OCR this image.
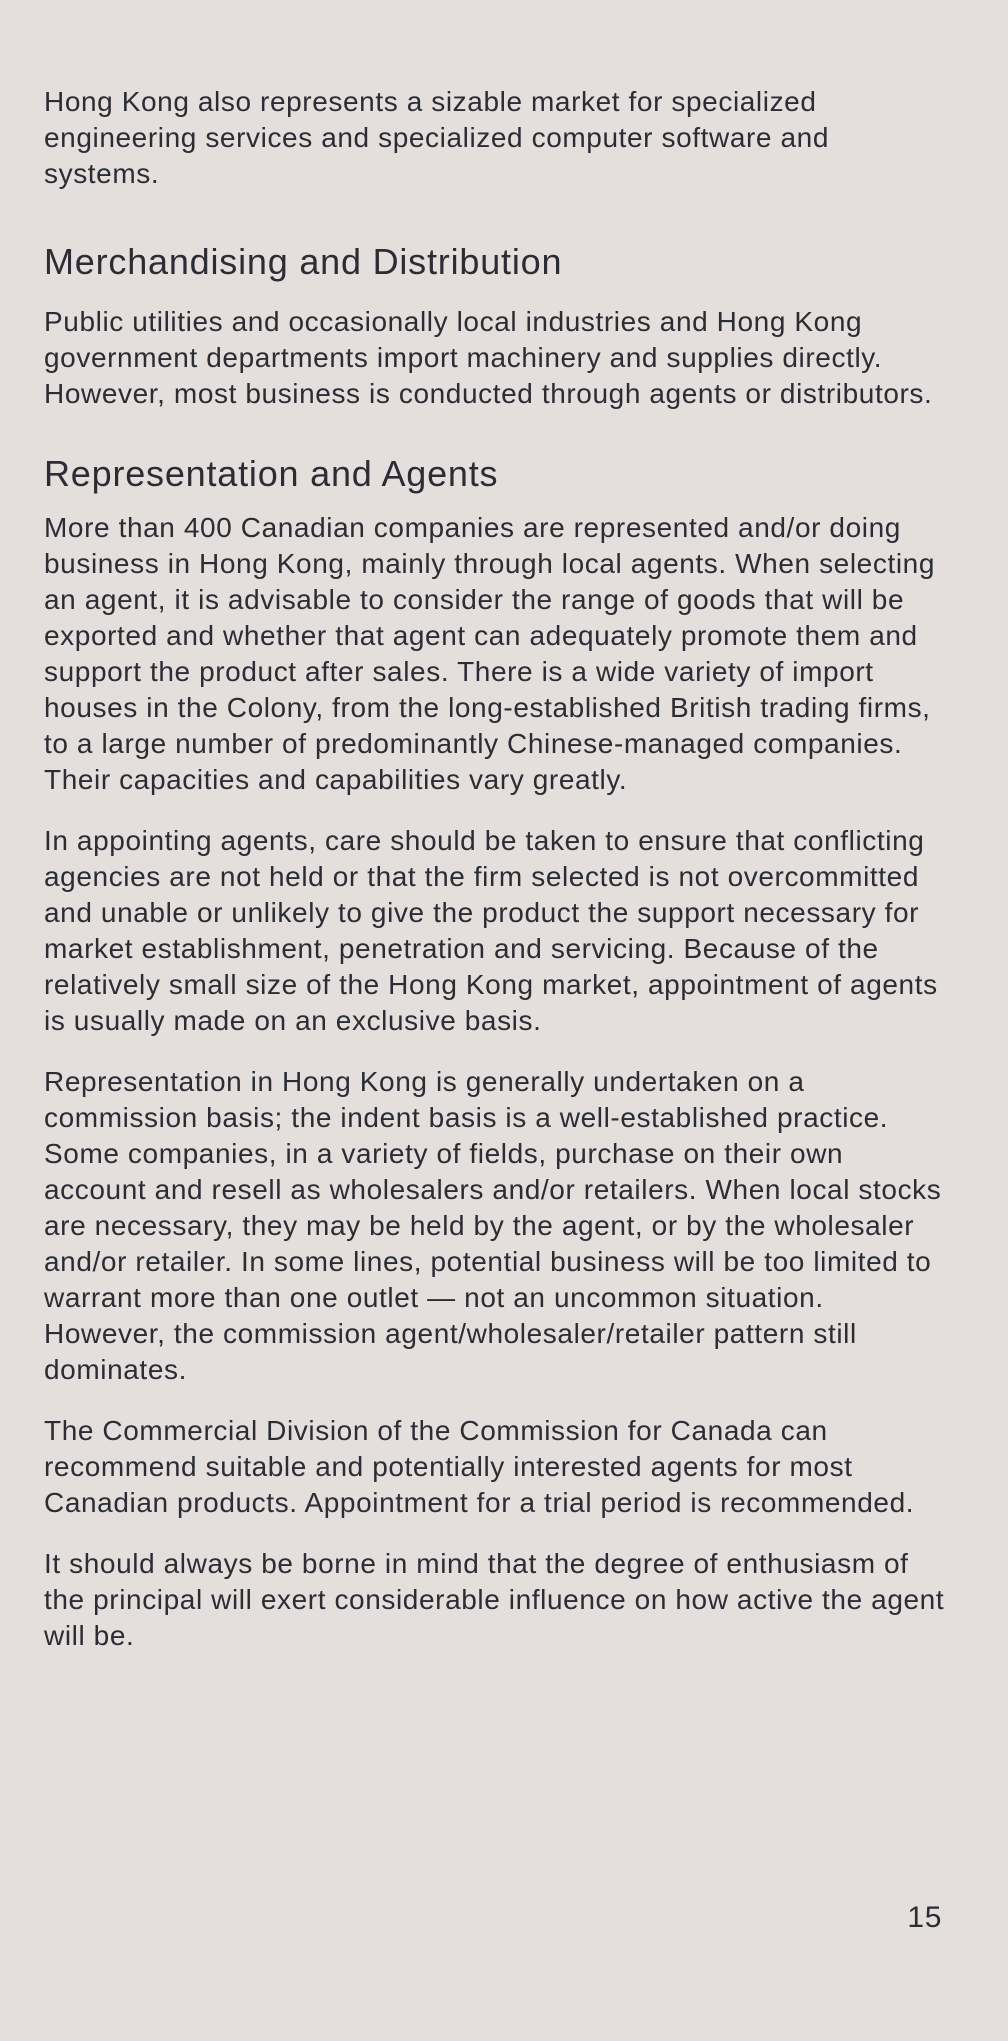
Hong Kong also represents a sizable market for specialized engineering services and specialized computer software and systems.

Merchandising and Distribution

Public utilities and occasionally local industries and Hong Kong government departments import machinery and supplies directly. However, most business is conducted through agents or distributors.

Representation and Agents

More than 400 Canadian companies are represented and/or doing business in Hong Kong, mainly through local agents. When selecting an agent, it is advisable to consider the range of goods that will be exported and whether that agent can adequately promote them and support the product after sales. There is a wide variety of import houses in the Colony, from the long-established British trading firms, to a large number of predominantly Chinese-managed companies. Their capacities and capabilities vary greatly.

In appointing agents, care should be taken to ensure that conflicting agencies are not held or that the firm selected is not overcommitted and unable or unlikely to give the product the support necessary for market establishment, penetration and servicing. Because of the relatively small size of the Hong Kong market, appointment of agents is usually made on an exclusive basis.

Representation in Hong Kong is generally undertaken on a commission basis; the indent basis is a well-established practice. Some companies, in a variety of fields, purchase on their own account and resell as wholesalers and/or retailers. When local stocks are necessary, they may be held by the agent, or by the wholesaler and/or retailer. In some lines, potential business will be too limited to warrant more than one outlet — not an uncommon situation. However, the commission agent/wholesaler/retailer pattern still dominates.

The Commercial Division of the Commission for Canada can recommend suitable and potentially interested agents for most Canadian products. Appointment for a trial period is recommended.

It should always be borne in mind that the degree of enthusiasm of the principal will exert considerable influence on how active the agent will be.

15
